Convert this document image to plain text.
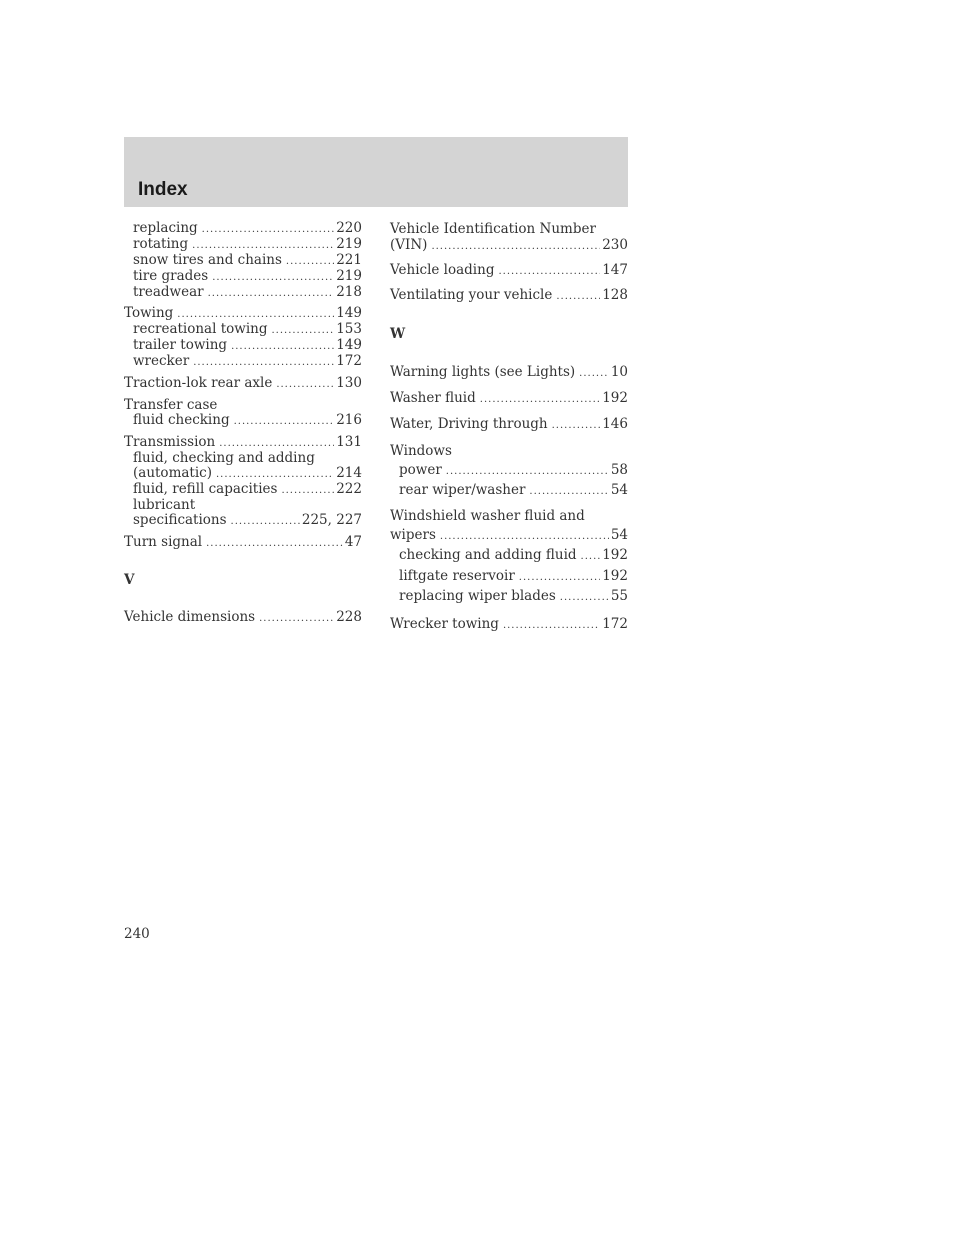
Index
replacing .....	220
rotating .....	219
snow tires and chains .....	221
tire grades .....	219
treadwear .....	218
Towing .....	149
recreational towing .....	153
trailer towing .....	149
wrecker .....	172
Traction-lok rear axle .....	130
Transfer case
fluid checking .....	216
Transmission .....	131
fluid, checking and adding
(automatic) .....	214
fluid, refill capacities .....	222
lubricant
specifications .....	225, 227
Turn signal .....	47
V
Vehicle dimensions .....	228
Vehicle Identification Number
(VIN) .....	230
Vehicle loading .....	147
Ventilating your vehicle .....	128
W
Warning lights (see Lights) .....	10
Washer fluid .....	192
Water, Driving through .....	146
Windows
power .....	58
rear wiper/washer .....	54
Windshield washer fluid and
wipers .....	54
checking and adding fluid ..... 192
liftgate reservoir .....	192
replacing wiper blades .....	55
Wrecker towing .....	172
240
